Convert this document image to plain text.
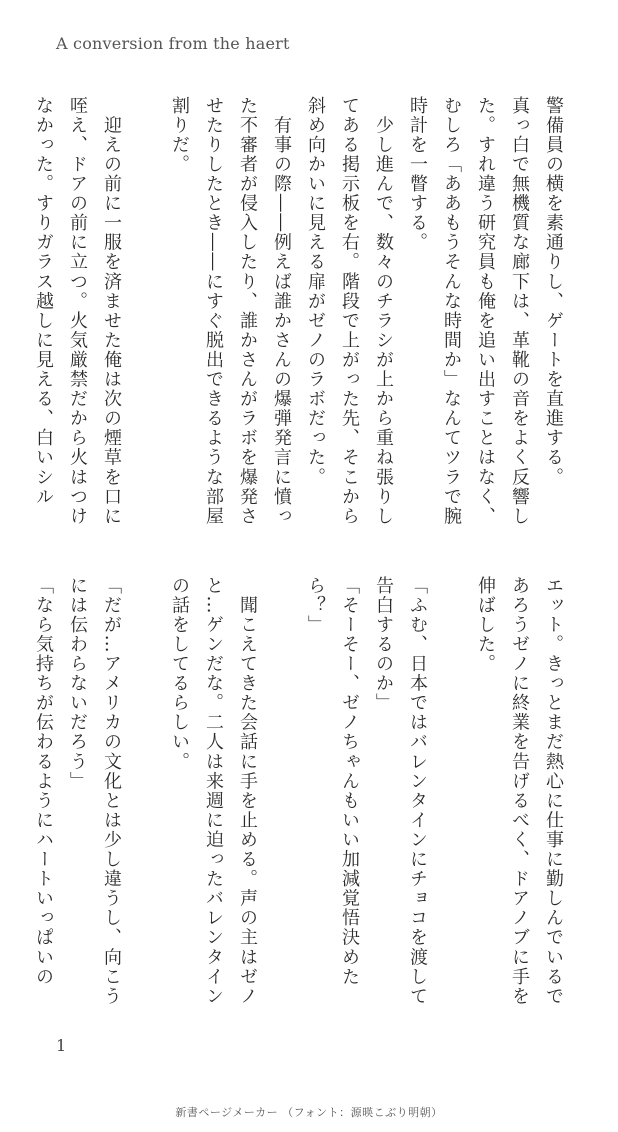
A conversion from the haert
警備員の横を素通りし、ゲートを直進する。
真っ白で無機質な廊下は、革靴の音をよく反響し
た。すれ違う研究員も俺を追い出すことはなく、
むしろ「ああもうそんな時間か」なんてツラで腕
時計を一瞥する。
　少し進んで、数々のチラシが上から重ね張りし
てある掲示板を右。階段で上がった先、そこから
斜め向かいに見える扉がゼノのラボだった。
　有事の際――例えば誰かさんの爆弾発言に憤っ
た不審者が侵入したり、誰かさんがラボを爆発さ
せたりしたとき――にすぐ脱出できるような部屋
割りだ。
　迎えの前に一服を済ませた俺は次の煙草を口に
咥え、ドアの前に立つ。火気厳禁だから火はつけ
なかった。すりガラス越しに見える、白いシル
エット。きっとまだ熱心に仕事に勤しんでいるで
あろうゼノに終業を告げるべく、ドアノブに手を
伸ばした。
「ふむ、日本ではバレンタインにチョコを渡して
告白するのか」
「そーそー、ゼノちゃんもいい加減覚悟決めた
ら？」
　聞こえてきた会話に手を止める。声の主はゼノ
と…ゲンだな。二人は来週に迫ったバレンタイン
の話をしてるらしい。
「だが…アメリカの文化とは少し違うし、向こう
には伝わらないだろう」
「なら気持ちが伝わるようにハートいっぱいの
1
新書ページメーカー （フォント：源暎こぶり明朝）
